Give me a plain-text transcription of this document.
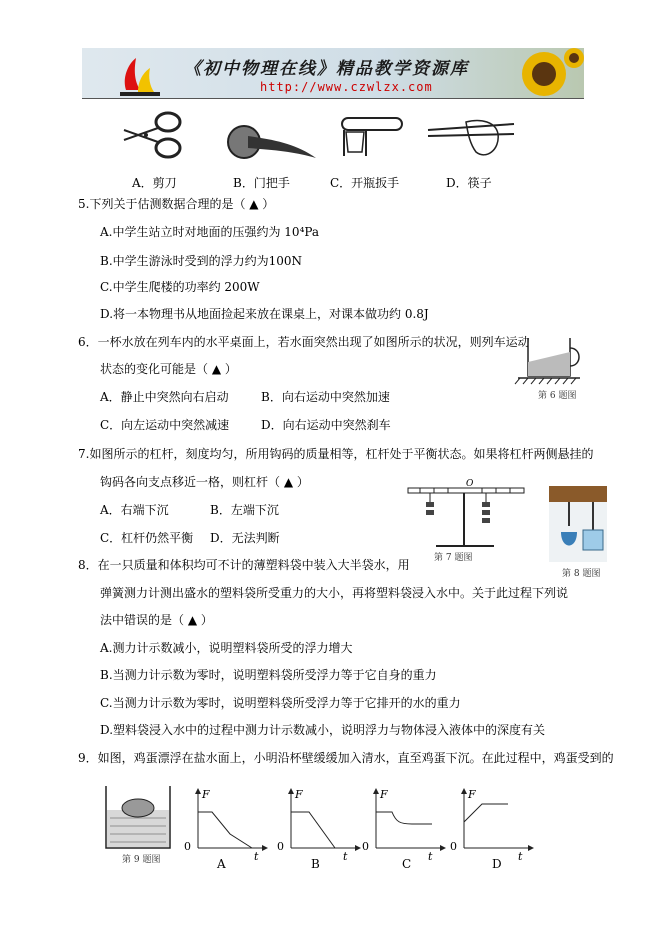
《初中物理在线》精品教学资源库
http://www.czwlzx.com
A．剪刀	B．门把手	C．开瓶扳手	D．筷子
5.下列关于估测数据合理的是（ ▲ ）
A.中学生站立时对地面的压强约为 10⁴Pa
B.中学生游泳时受到的浮力约为100N
C.中学生爬楼的功率约 200W
D.将一本物理书从地面捡起来放在课桌上，对课本做功约 0.8J
6．一杯水放在列车内的水平桌面上，若水面突然出现了如图所示的状况，则列车运动
状态的变化可能是（ ▲ ）
A．静止中突然向右启动	B．向右运动中突然加速
C．向左运动中突然减速	D．向右运动中突然刹车
第 6 题图
7.如图所示的杠杆，刻度均匀，所用钩码的质量相等，杠杆处于平衡状态。如果将杠杆两侧悬挂的
钩码各向支点移近一格，则杠杆（ ▲ ）
A．右端下沉	B．左端下沉
C．杠杆仍然平衡 D．无法判断
O
第 7 题图
第 8 题图
8．在一只质量和体积均可不计的薄塑料袋中装入大半袋水，用
弹簧测力计测出盛水的塑料袋所受重力的大小，再将塑料袋浸入水中。关于此过程下列说
法中错误的是（ ▲ ）
A.测力计示数减小，说明塑料袋所受的浮力增大
B.当测力计示数为零时，说明塑料袋所受浮力等于它自身的重力
C.当测力计示数为零时，说明塑料袋所受浮力等于它排开的水的重力
D.塑料袋浸入水中的过程中测力计示数减小，说明浮力与物体浸入液体中的深度有关
9．如图，鸡蛋漂浮在盐水面上，小明沿杯壁缓缓加入清水，直至鸡蛋下沉。在此过程中，鸡蛋受到的
第 9 题图
F
0
t
A
F
0
t
B
F
0
t
C
F
0
t
D
